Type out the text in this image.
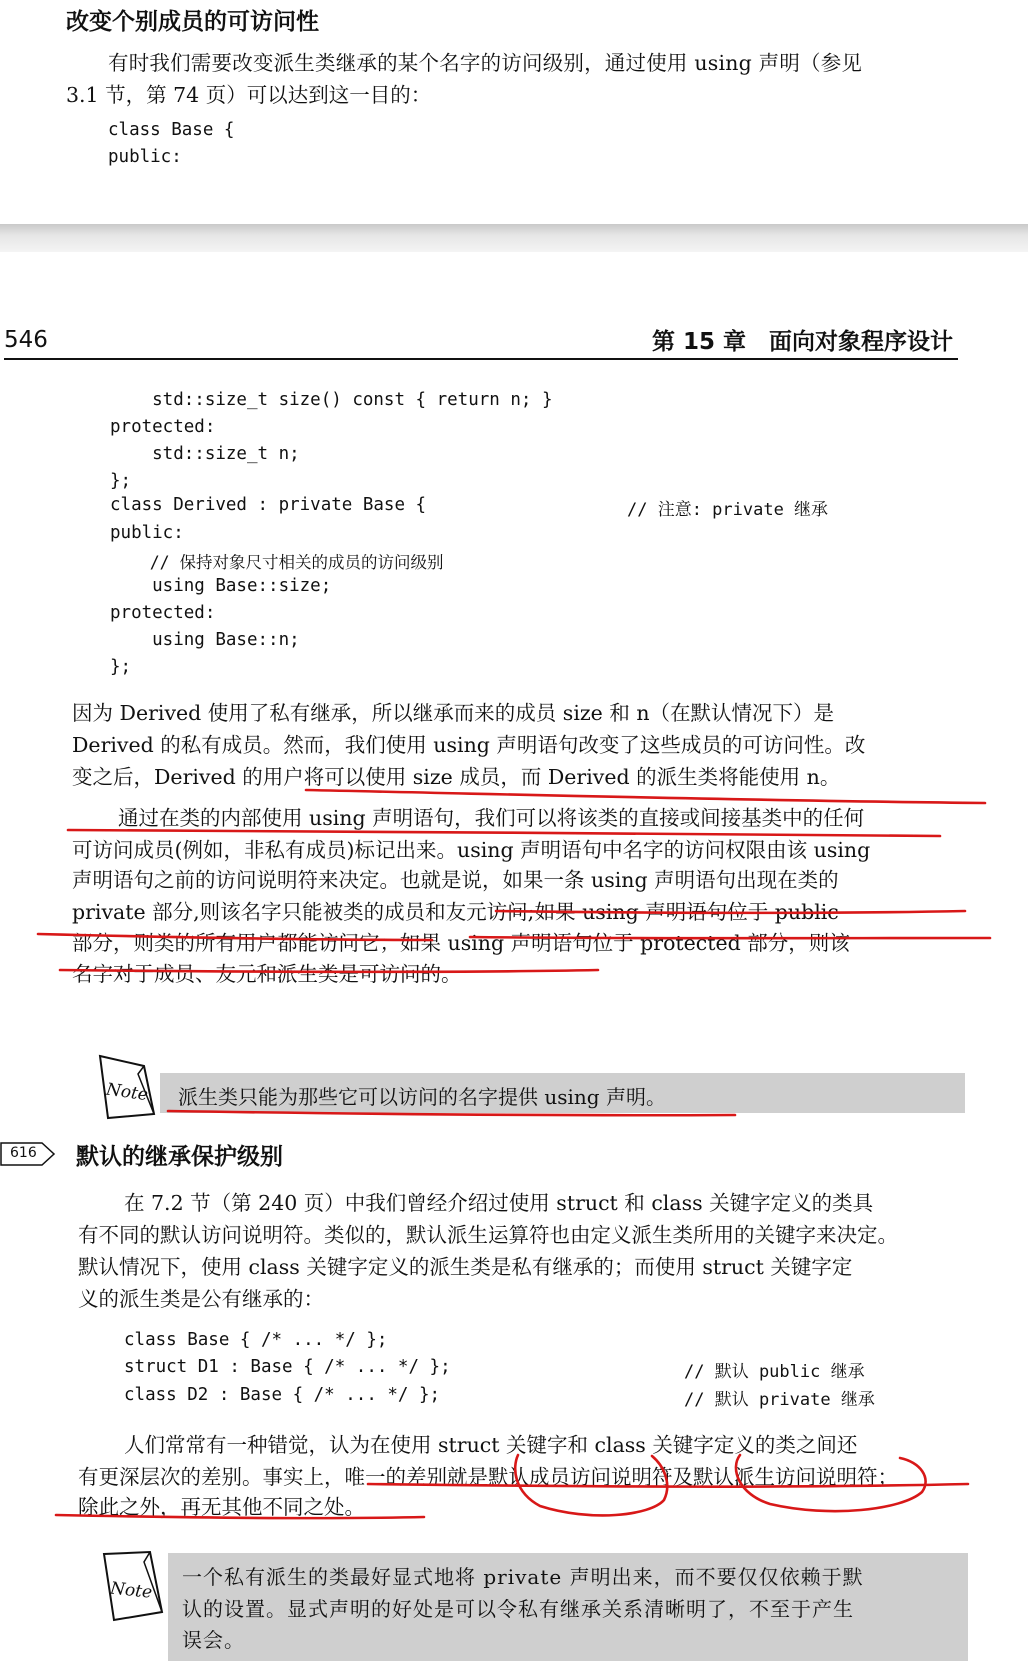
改变个别成员的可访问性
有时我们需要改变派生类继承的某个名字的访问级别，通过使用 using 声明（参见
3.1 节，第 74 页）可以达到这一目的：
class Base {
public:
546	第 15 章　面向对象程序设计
std::size_t size() const { return n; }
protected:
std::size_t n;
};
class Derived : private Base {	// 注意: private 继承
public:
// 保持对象尺寸相关的成员的访问级别
using Base::size;
protected:
using Base::n;
};
因为 Derived 使用了私有继承，所以继承而来的成员 size 和 n（在默认情况下）是
Derived 的私有成员。然而，我们使用 using 声明语句改变了这些成员的可访问性。改
变之后，Derived 的用户将可以使用 size 成员，而 Derived 的派生类将能使用 n。
通过在类的内部使用 using 声明语句，我们可以将该类的直接或间接基类中的任何
可访问成员(例如，非私有成员)标记出来。using 声明语句中名字的访问权限由该 using
声明语句之前的访问说明符来决定。也就是说，如果一条 using 声明语句出现在类的
private 部分,则该名字只能被类的成员和友元访问;如果 using 声明语句位于 public
部分，则类的所有用户都能访问它；如果 using 声明语句位于 protected 部分，则该
名字对于成员、友元和派生类是可访问的。
Note 派生类只能为那些它可以访问的名字提供 using 声明。
616 默认的继承保护级别
在 7.2 节（第 240 页）中我们曾经介绍过使用 struct 和 class 关键字定义的类具
有不同的默认访问说明符。类似的，默认派生运算符也由定义派生类所用的关键字来决定。
默认情况下，使用 class 关键字定义的派生类是私有继承的；而使用 struct 关键字定
义的派生类是公有继承的：
class Base { /* ... */ };
struct D1 : Base { /* ... */ };	// 默认 public 继承
class D2 : Base { /* ... */ };	// 默认 private 继承
人们常常有一种错觉，认为在使用 struct 关键字和 class 关键字定义的类之间还
有更深层次的差别。事实上，唯一的差别就是默认成员访问说明符及默认派生访问说明符；
除此之外，再无其他不同之处。
Note
一个私有派生的类最好显式地将 private 声明出来，而不要仅仅依赖于默
认的设置。显式声明的好处是可以令私有继承关系清晰明了，不至于产生
误会。
